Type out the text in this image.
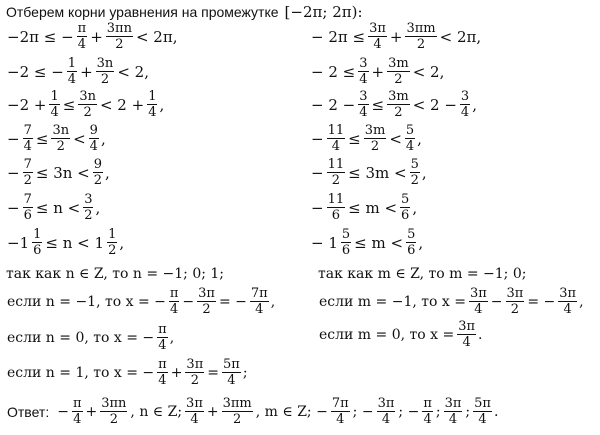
Отберем корни уравнения на промежутке [−2π; 2π):
−2π ≤ − $\frac{\pi}{4} + \frac{3\pi n}{2} < 2\pi$,
−2 ≤ − $\frac{1}{4} + \frac{3n}{2} < 2$,
$-2 + \frac{1}{4} \le \frac{3n}{2} < 2 + \frac{1}{4}$ ,
− $\frac{7}{4} \le \frac{3n}{2} < \frac{9}{4}$ ,
− $\frac{7}{2} \le 3n < \frac{9}{2}$ ,
− $\frac{7}{6} \le n < \frac{3}{2}$ ,
$-1 \frac{1}{6} \le n < 1 \frac{1}{2}$ ,
так как n ∈ Z, то n = −1; 0; 1;
если n = −1, то x = − $\frac{\pi}{4} - \frac{3\pi}{2}$ = − $\frac{7\pi}{4}$ ,
если n = 0, то x = − $\frac{\pi}{4}$ ,
если n = 1, то x = − $\frac{\pi}{4} + \frac{3\pi}{2} = \frac{5\pi}{4}$ ;
− $2\pi \le \frac{3\pi}{4} + \frac{3\pi m}{2} < 2\pi$,
− $2 \le \frac{3}{4} + \frac{3m}{2} < 2$,
− $2 - \frac{3}{4} \le \frac{3m}{2} < 2 - \frac{3}{4}$ ,
− $\frac{11}{4} \le \frac{3m}{2} < \frac{5}{4}$ ,
− $\frac{11}{2} \le 3m < \frac{5}{2}$ ,
− $\frac{11}{6} \le m < \frac{5}{6}$ ,
− $1 \frac{5}{6} \le m < \frac{5}{6}$ ,
так как m ∈ Z, то m = −1; 0;
если m = −1, то $x = \frac{3\pi}{4} - \frac{3\pi}{2}$ = − $\frac{3\pi}{4}$ ,
если m = 0, то $x = \frac{3\pi}{4}$ .
Ответ: − $\frac{\pi}{4} + \frac{3\pi n}{2}$ , n ∈ Z; $\frac{3\pi}{4} + \frac{3\pi m}{2}$ , m ∈ Z; − $\frac{7\pi}{4}$ ; − $\frac{3\pi}{4}$ ; − $\frac{\pi}{4}$ ; $\frac{3\pi}{4}$ ; $\frac{5\pi}{4}$ .
